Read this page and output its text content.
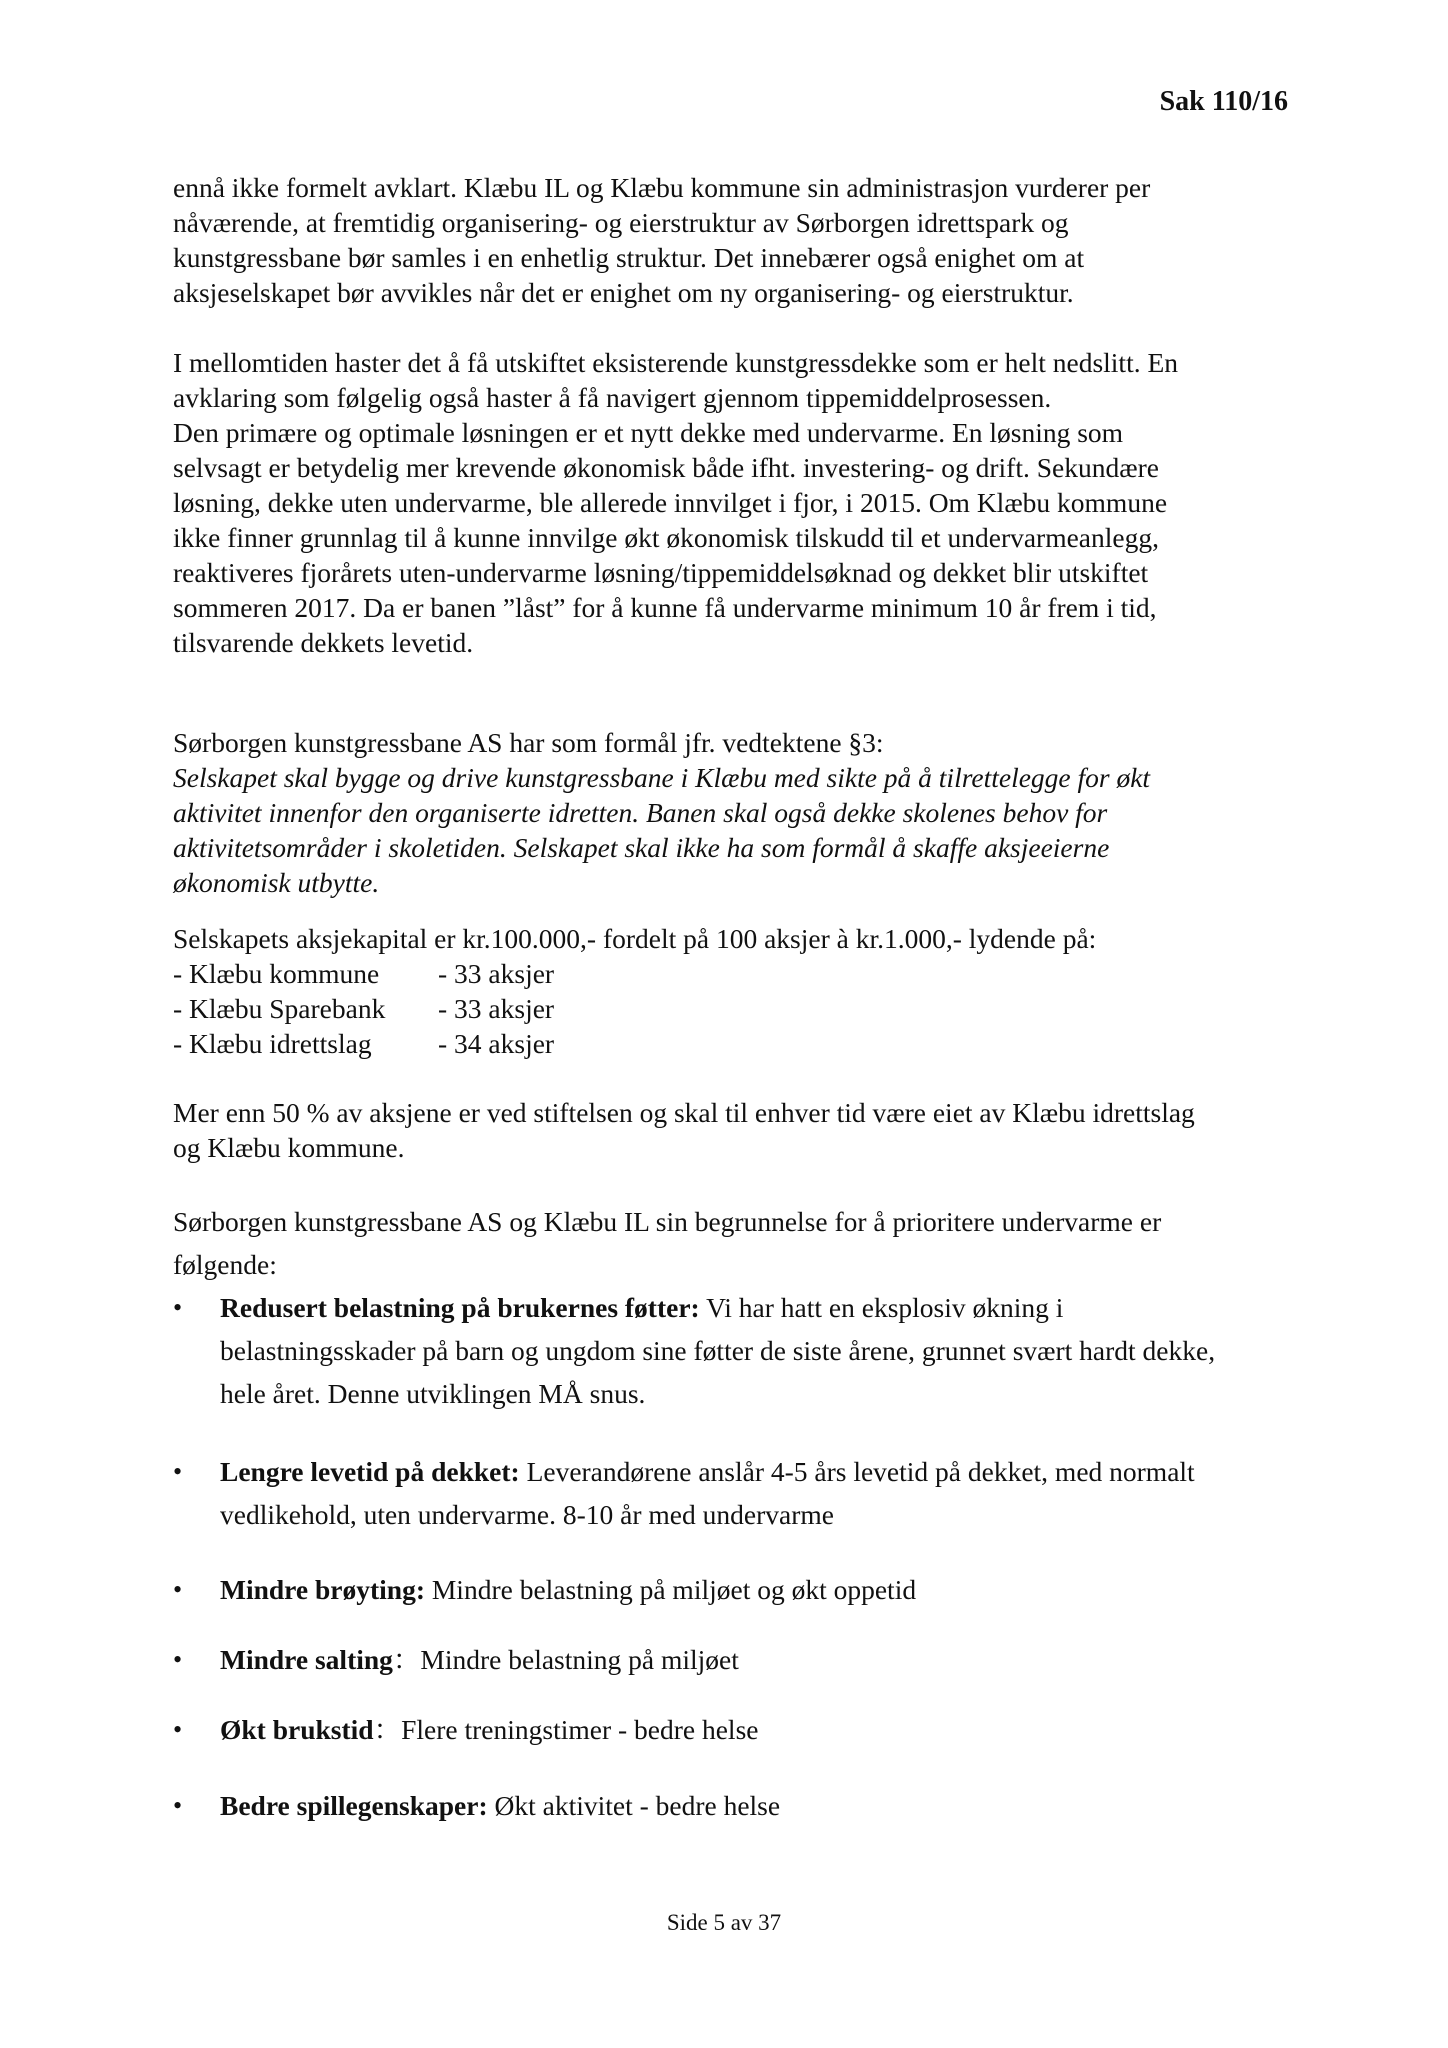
Sak 110/16
ennå ikke formelt avklart. Klæbu IL og Klæbu kommune sin administrasjon vurderer per
nåværende, at fremtidig organisering- og eierstruktur av Sørborgen idrettspark og
kunstgressbane bør samles i en enhetlig struktur. Det innebærer også enighet om at
aksjeselskapet bør avvikles når det er enighet om ny organisering- og eierstruktur.
I mellomtiden haster det å få utskiftet eksisterende kunstgressdekke som er helt nedslitt. En
avklaring som følgelig også haster å få navigert gjennom tippemiddelprosessen.
Den primære og optimale løsningen er et nytt dekke med undervarme. En løsning som
selvsagt er betydelig mer krevende økonomisk både ifht. investering- og drift. Sekundære
løsning, dekke uten undervarme, ble allerede innvilget i fjor, i 2015. Om Klæbu kommune
ikke finner grunnlag til å kunne innvilge økt økonomisk tilskudd til et undervarmeanlegg,
reaktiveres fjorårets uten-undervarme løsning/tippemiddelsøknad og dekket blir utskiftet
sommeren 2017. Da er banen ”låst” for å kunne få undervarme minimum 10 år frem i tid,
tilsvarende dekkets levetid.
Sørborgen kunstgressbane AS har som formål jfr. vedtektene §3:
Selskapet skal bygge og drive kunstgressbane i Klæbu med sikte på å tilrettelegge for økt
aktivitet innenfor den organiserte idretten. Banen skal også dekke skolenes behov for
aktivitetsområder i skoletiden. Selskapet skal ikke ha som formål å skaffe aksjeeierne
økonomisk utbytte.
Selskapets aksjekapital er kr.100.000,- fordelt på 100 aksjer à kr.1.000,- lydende på:
- Klæbu kommune	- 33 aksjer
- Klæbu Sparebank	- 33 aksjer
- Klæbu idrettslag	- 34 aksjer
Mer enn 50 % av aksjene er ved stiftelsen og skal til enhver tid være eiet av Klæbu idrettslag
og Klæbu kommune.
Sørborgen kunstgressbane AS og Klæbu IL sin begrunnelse for å prioritere undervarme er
følgende:
• Redusert belastning på brukernes føtter: Vi har hatt en eksplosiv økning i
belastningsskader på barn og ungdom sine føtter de siste årene, grunnet svært hardt dekke,
hele året. Denne utviklingen MÅ snus.
• Lengre levetid på dekket: Leverandørene anslår 4-5 års levetid på dekket, med normalt
vedlikehold, uten undervarme. 8-10 år med undervarme
• Mindre brøyting: Mindre belastning på miljøet og økt oppetid
• Mindre salting：Mindre belastning på miljøet
• Økt brukstid：Flere treningstimer - bedre helse
• Bedre spillegenskaper: Økt aktivitet - bedre helse
Side 5 av 37
